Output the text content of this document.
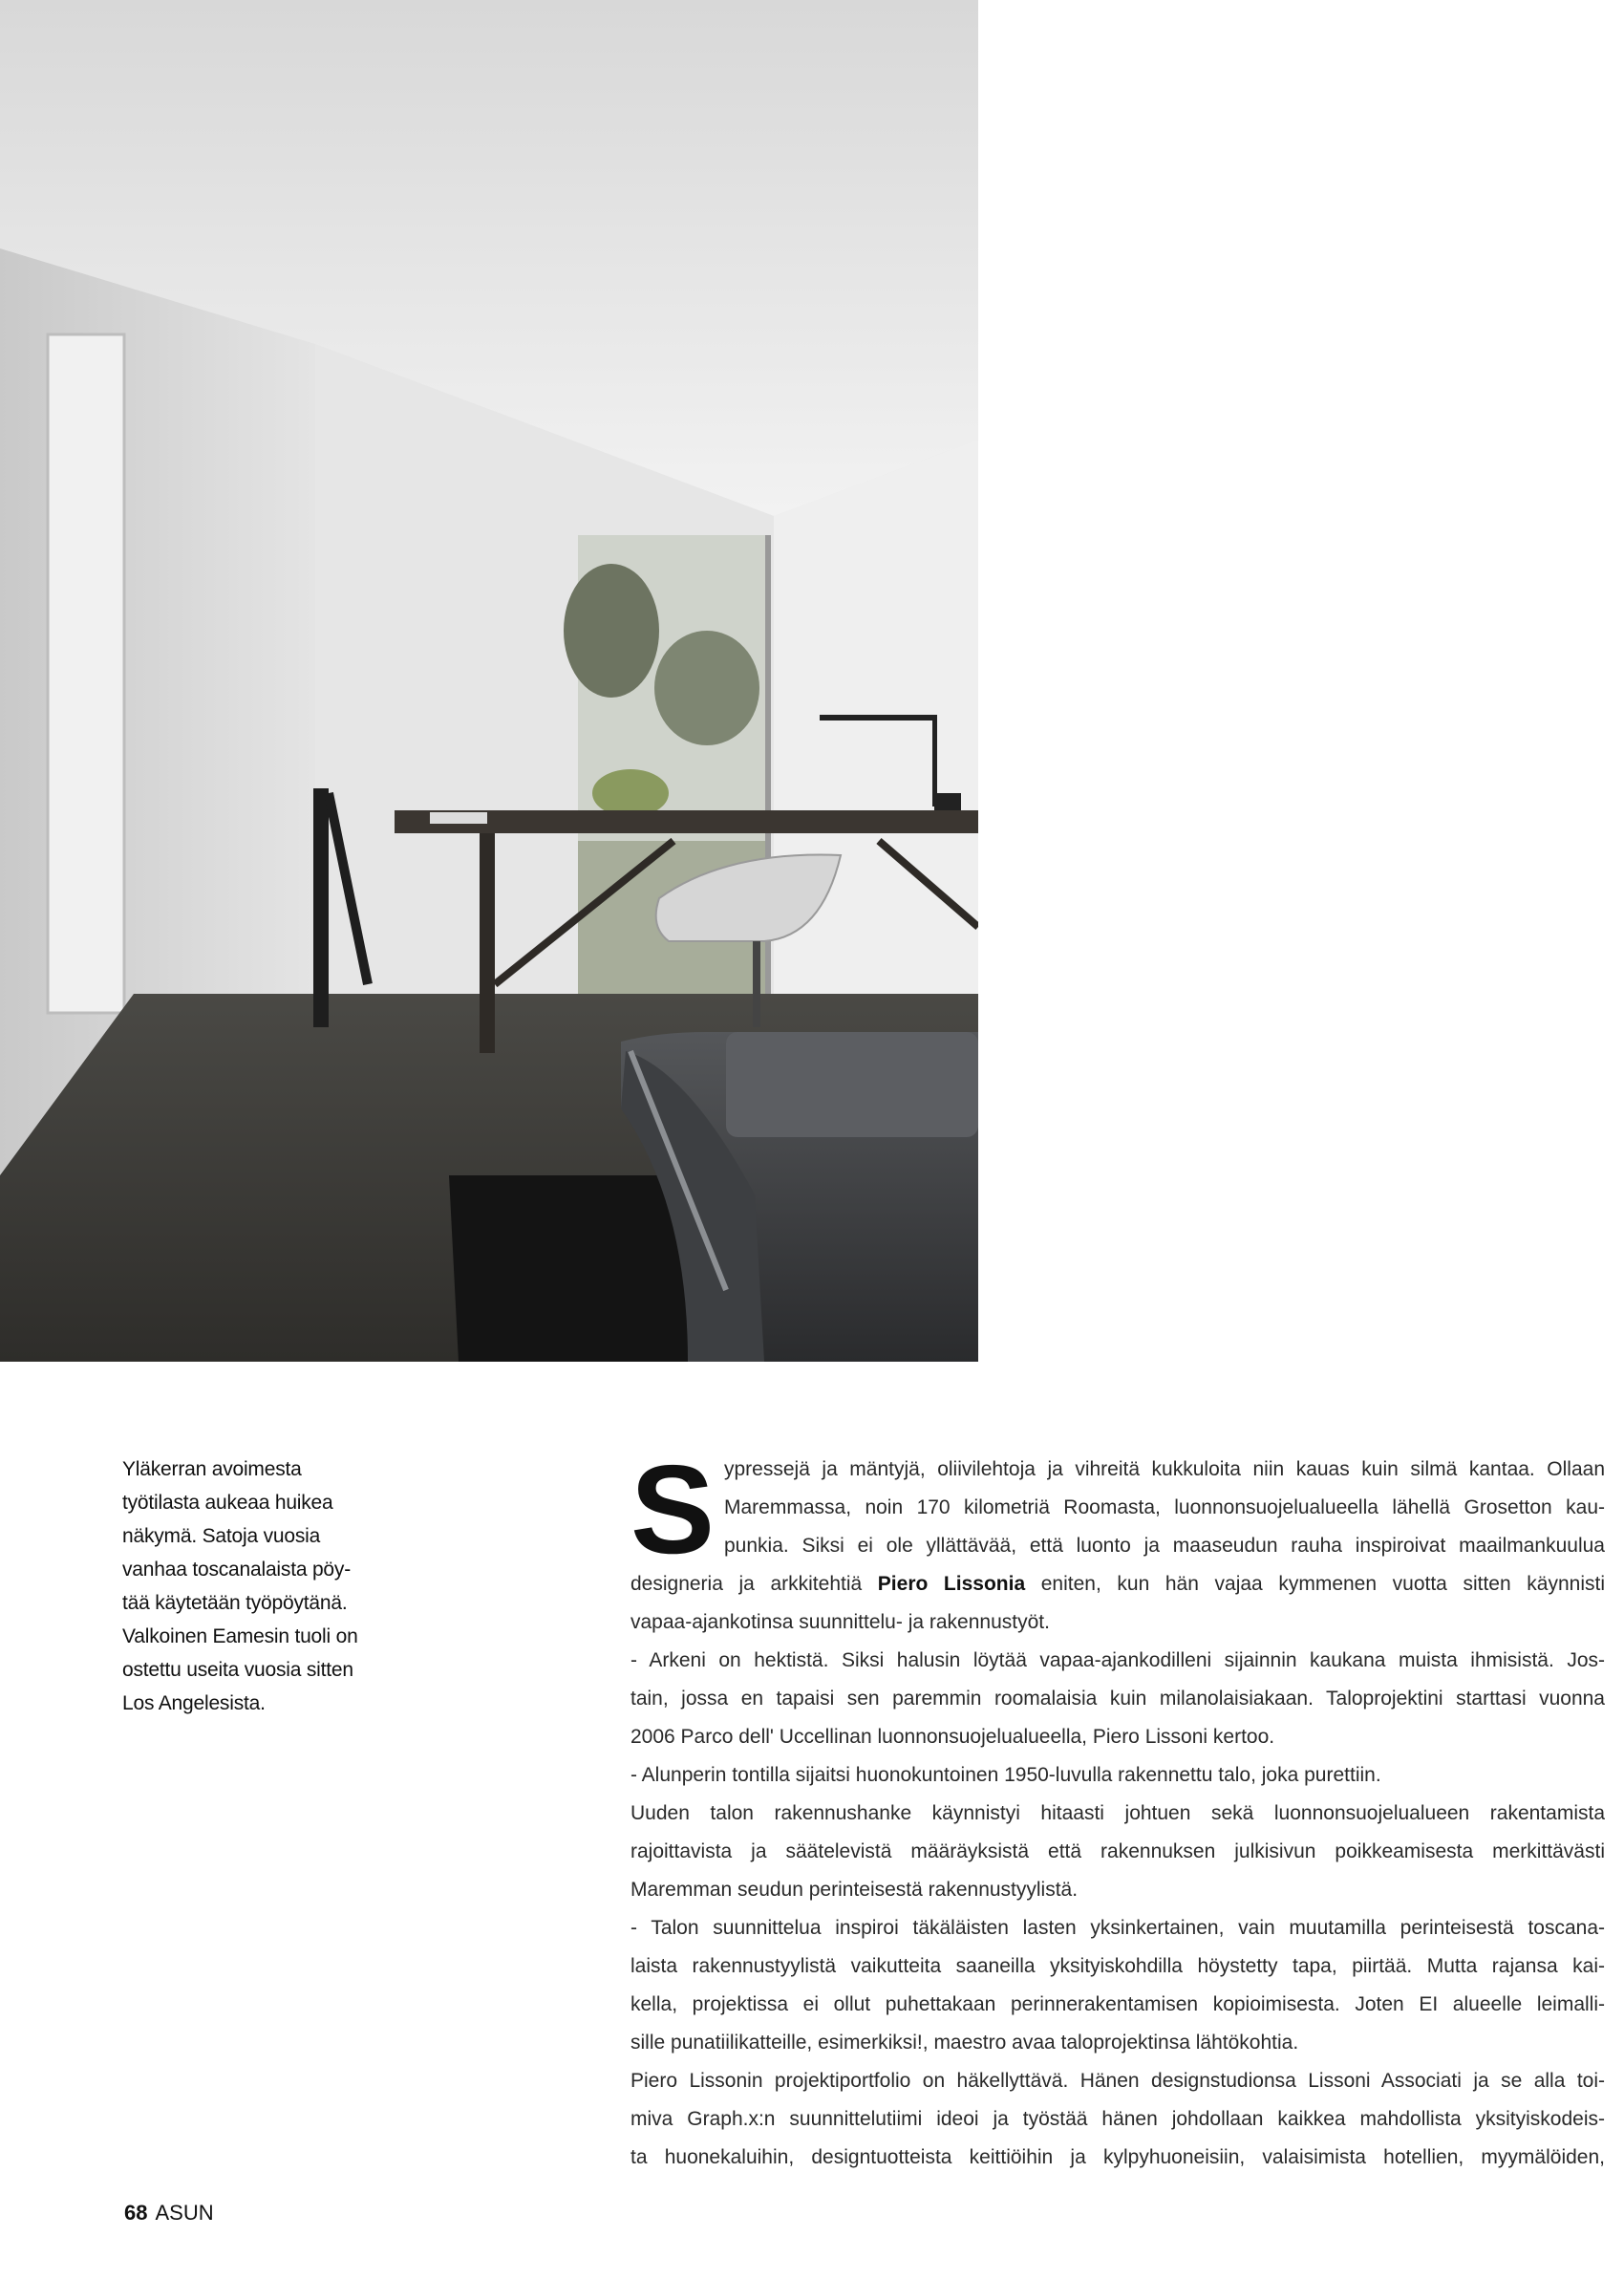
Yläkerran avoimesta
työtilasta aukeaa huikea
näkymä. Satoja vuosia
vanhaa toscanalaista pöy-
tää käytetään työpöytänä.
Valkoinen Eamesin tuoli on
ostettu useita vuosia sitten
Los Angelesista.
S ypressejä ja mäntyjä, oliivilehtoja ja vihreitä kukkuloita niin kauas kuin silmä kantaa. Ollaan
Maremmassa, noin 170 kilometriä Roomasta, luonnonsuojelualueella lähellä Grosetton kau-
punkia. Siksi ei ole yllättävää, että luonto ja maaseudun rauha inspiroivat maailmankuulua
designeria ja arkkitehtiä Piero Lissonia eniten, kun hän vajaa kymmenen vuotta sitten käynnisti
vapaa-ajankotinsa suunnittelu- ja rakennustyöt.
- Arkeni on hektistä. Siksi halusin löytää vapaa-ajankodilleni sijainnin kaukana muista ihmisistä. Jos-
tain, jossa en tapaisi sen paremmin roomalaisia kuin milanolaisiakaan. Taloprojektini starttasi vuonna
2006 Parco dell' Uccellinan luonnonsuojelualueella, Piero Lissoni kertoo.
- Alunperin tontilla sijaitsi huonokuntoinen 1950-luvulla rakennettu talo, joka purettiin.
Uuden talon rakennushanke käynnistyi hitaasti johtuen sekä luonnonsuojelualueen rakentamista
rajoittavista ja säätelevistä määräyksistä että rakennuksen julkisivun poikkeamisesta merkittävästi
Maremman seudun perinteisestä rakennustyylistä.
- Talon suunnittelua inspiroi täkäläisten lasten yksinkertainen, vain muutamilla perinteisestä toscana-
laista rakennustyylistä vaikutteita saaneilla yksityiskohdilla höystetty tapa, piirtää. Mutta rajansa kai-
kella, projektissa ei ollut puhettakaan perinnerakentamisen kopioimisesta. Joten EI alueelle leimalli-
sille punatiilikatteille, esimerkiksi!, maestro avaa taloprojektinsa lähtökohtia.
Piero Lissonin projektiportfolio on häkellyttävä. Hänen designstudionsa Lissoni Associati ja se alla toi-
miva Graph.x:n suunnittelutiimi ideoi ja työstää hänen johdollaan kaikkea mahdollista yksityiskodeis-
ta huonekaluihin, designtuotteista keittiöihin ja kylpyhuoneisiin, valaisimista hotellien, myymälöiden,
68 ASUN
